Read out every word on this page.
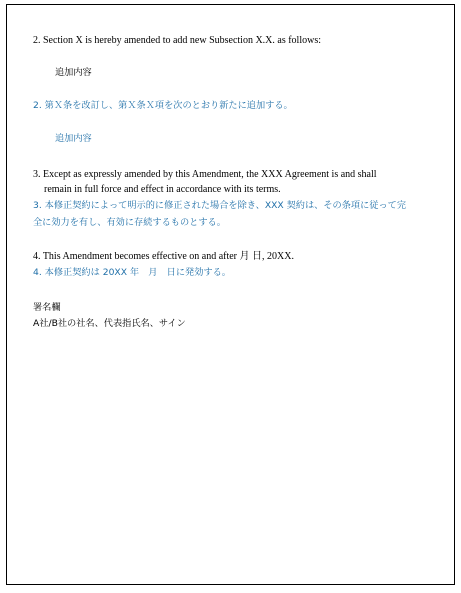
2. Section X is hereby amended to add new Subsection X.X. as follows:
追加内容
2. 第Ｘ条を改訂し、第Ｘ条Ｘ項を次のとおり新たに追加する。
追加内容
3. Except as expressly amended by this Amendment, the XXX Agreement is and shall
remain in full force and effect in accordance with its terms.
3. 本修正契約によって明示的に修正された場合を除き、XXX 契約は、その条項に従って完
全に効力を有し、有効に存続するものとする。
4. This Amendment becomes effective on and after 月 日, 20XX.
4. 本修正契約は 20XX 年　月　日に発効する。
署名欄
A社/B社の社名、代表指氏名、サイン
